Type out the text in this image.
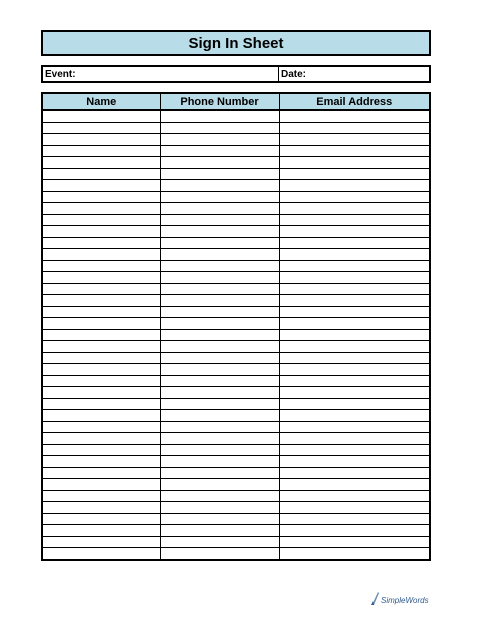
Sign In Sheet
Event:	Date:
Name	Phone Number	Email Address

SimpleWords
